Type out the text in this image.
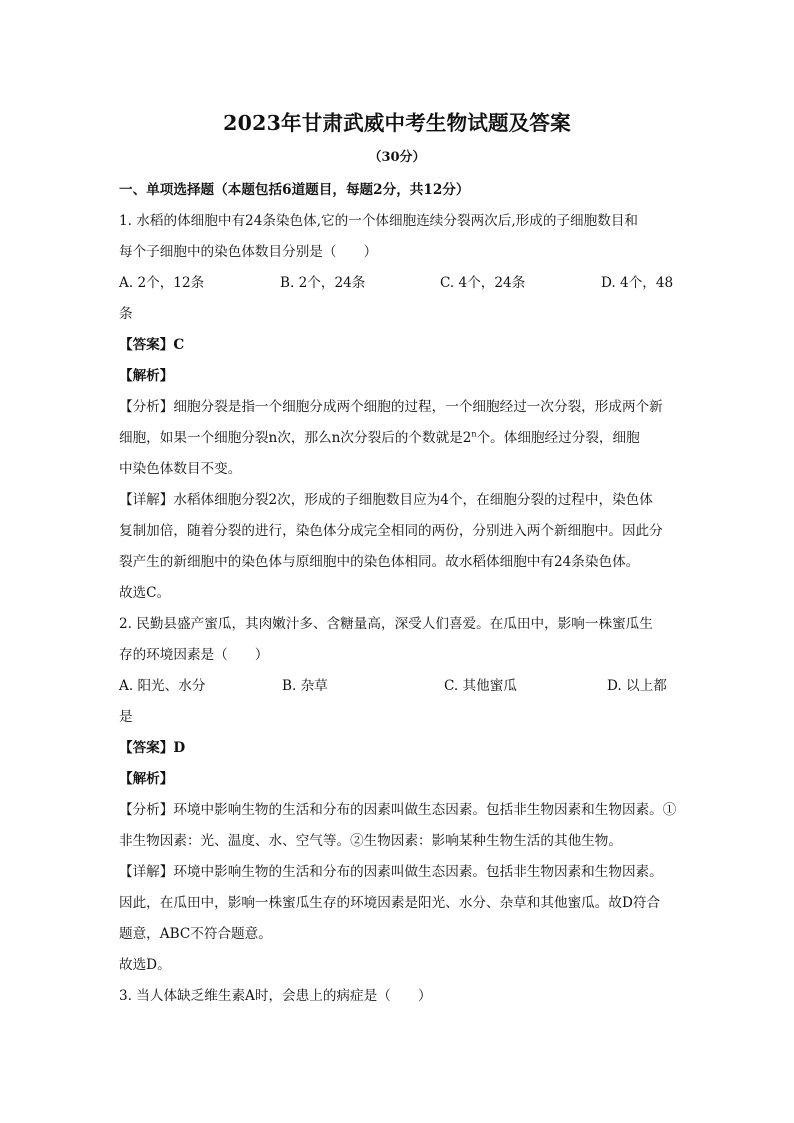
2023年甘肃武威中考生物试题及答案
（30分）

一、单项选择题（本题包括6道题目，每题2分，共12分）

1. 水稻的体细胞中有24条染色体,它的一个体细胞连续分裂两次后,形成的子细胞数目和

每个子细胞中的染色体数目分别是（　　）

A. 2个，12条	B. 2个，24条	C. 4个，24条	D. 4个，48

条

【答案】C

【解析】

【分析】细胞分裂是指一个细胞分成两个细胞的过程，一个细胞经过一次分裂，形成两个新

细胞，如果一个细胞分裂n次，那么n次分裂后的个数就是2$^n$个。体细胞经过分裂，细胞

中染色体数目不变。

【详解】水稻体细胞分裂2次，形成的子细胞数目应为4个，在细胞分裂的过程中，染色体

复制加倍，随着分裂的进行，染色体分成完全相同的两份，分别进入两个新细胞中。因此分

裂产生的新细胞中的染色体与原细胞中的染色体相同。故水稻体细胞中有24条染色体。

故选C。

2. 民勤县盛产蜜瓜，其肉嫩汁多、含糖量高，深受人们喜爱。在瓜田中，影响一株蜜瓜生

存的环境因素是（　　）

A. 阳光、水分	B. 杂草	C. 其他蜜瓜	D. 以上都

是

【答案】D

【解析】

【分析】环境中影响生物的生活和分布的因素叫做生态因素。包括非生物因素和生物因素。①

非生物因素：光、温度、水、空气等。②生物因素：影响某种生物生活的其他生物。

【详解】环境中影响生物的生活和分布的因素叫做生态因素。包括非生物因素和生物因素。

因此，在瓜田中，影响一株蜜瓜生存的环境因素是阳光、水分、杂草和其他蜜瓜。故D符合

题意，ABC不符合题意。

故选D。

3. 当人体缺乏维生素A时，会患上的病症是（　　）
